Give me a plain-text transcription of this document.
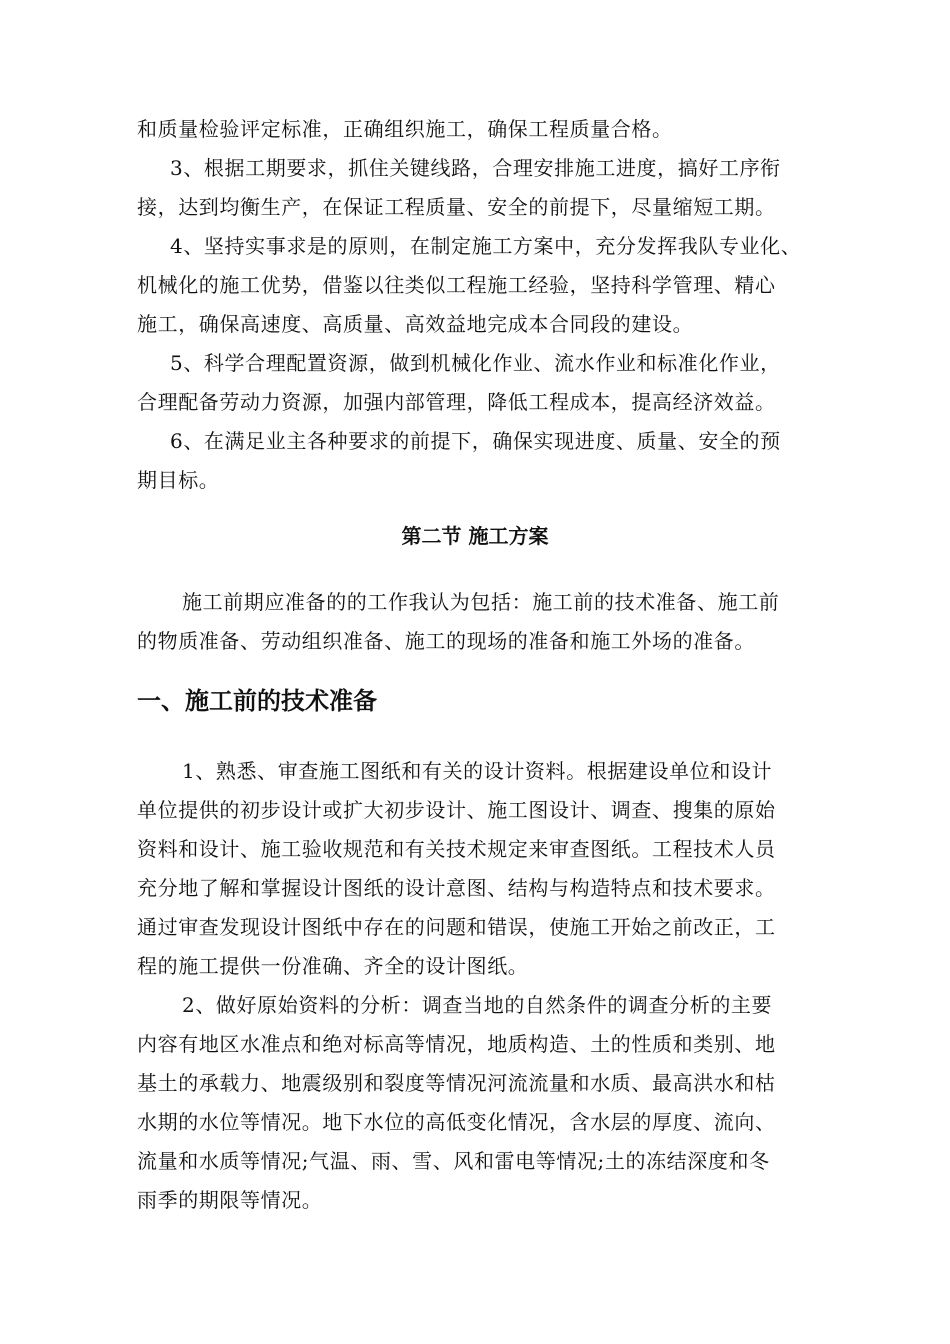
和质量检验评定标准，正确组织施工，确保工程质量合格。
3、根据工期要求，抓住关键线路，合理安排施工进度，搞好工序衔
接，达到均衡生产，在保证工程质量、安全的前提下，尽量缩短工期。
4、坚持实事求是的原则，在制定施工方案中，充分发挥我队专业化、
机械化的施工优势，借鉴以往类似工程施工经验，坚持科学管理、精心
施工，确保高速度、高质量、高效益地完成本合同段的建设。
5、科学合理配置资源，做到机械化作业、流水作业和标准化作业，
合理配备劳动力资源，加强内部管理，降低工程成本，提高经济效益。
6、在满足业主各种要求的前提下，确保实现进度、质量、安全的预
期目标。
第二节 施工方案
施工前期应准备的的工作我认为包括：施工前的技术准备、施工前
的物质准备、劳动组织准备、施工的现场的准备和施工外场的准备。
一、施工前的技术准备
1、熟悉、审查施工图纸和有关的设计资料。根据建设单位和设计
单位提供的初步设计或扩大初步设计、施工图设计、调查、搜集的原始
资料和设计、施工验收规范和有关技术规定来审查图纸。工程技术人员
充分地了解和掌握设计图纸的设计意图、结构与构造特点和技术要求。
通过审查发现设计图纸中存在的问题和错误，使施工开始之前改正，工
程的施工提供一份准确、齐全的设计图纸。
2、做好原始资料的分析：调查当地的自然条件的调查分析的主要
内容有地区水准点和绝对标高等情况，地质构造、土的性质和类别、地
基土的承载力、地震级别和裂度等情况河流流量和水质、最高洪水和枯
水期的水位等情况。地下水位的高低变化情况，含水层的厚度、流向、
流量和水质等情况;气温、雨、雪、风和雷电等情况;土的冻结深度和冬
雨季的期限等情况。
